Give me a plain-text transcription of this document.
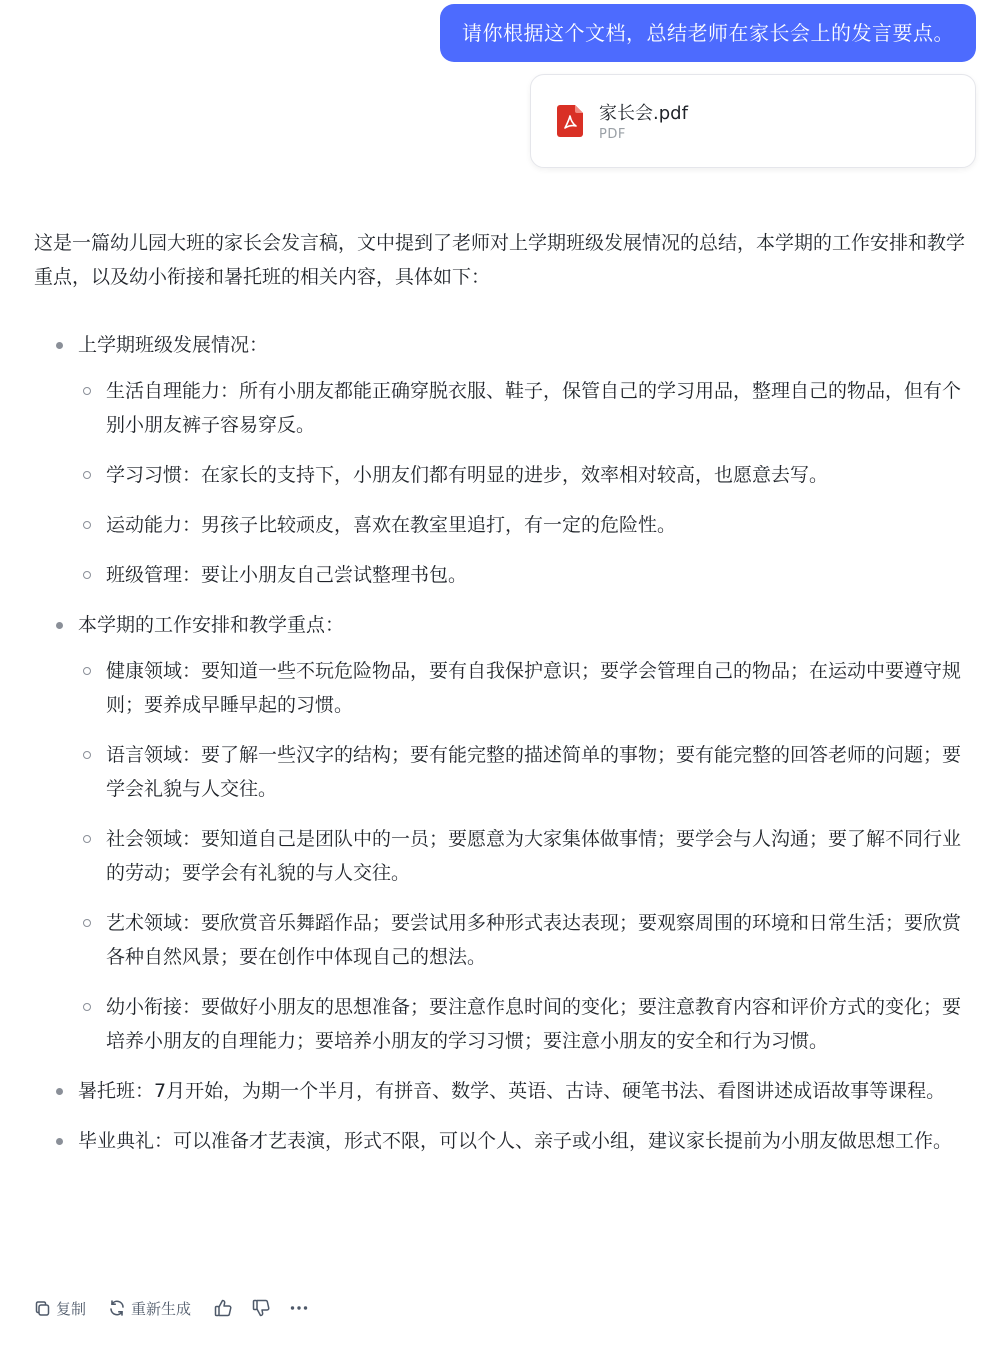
请你根据这个文档，总结老师在家长会上的发言要点。
家长会.pdf
PDF

这是一篇幼儿园大班的家长会发言稿，文中提到了老师对上学期班级发展情况的总结，本学期的工作安排和教学重点，以及幼小衔接和暑托班的相关内容，具体如下：

上学期班级发展情况：
生活自理能力：所有小朋友都能正确穿脱衣服、鞋子，保管自己的学习用品，整理自己的物品，但有个别小朋友裤子容易穿反。
学习习惯：在家长的支持下，小朋友们都有明显的进步，效率相对较高，也愿意去写。
运动能力：男孩子比较顽皮，喜欢在教室里追打，有一定的危险性。
班级管理：要让小朋友自己尝试整理书包。
本学期的工作安排和教学重点：
健康领域：要知道一些不玩危险物品，要有自我保护意识；要学会管理自己的物品；在运动中要遵守规则；要养成早睡早起的习惯。
语言领域：要了解一些汉字的结构；要有能完整的描述简单的事物；要有能完整的回答老师的问题；要学会礼貌与人交往。
社会领域：要知道自己是团队中的一员；要愿意为大家集体做事情；要学会与人沟通；要了解不同行业的劳动；要学会有礼貌的与人交往。
艺术领域：要欣赏音乐舞蹈作品；要尝试用多种形式表达表现；要观察周围的环境和日常生活；要欣赏各种自然风景；要在创作中体现自己的想法。
幼小衔接：要做好小朋友的思想准备；要注意作息时间的变化；要注意教育内容和评价方式的变化；要培养小朋友的自理能力；要培养小朋友的学习习惯；要注意小朋友的安全和行为习惯。
暑托班：7月开始，为期一个半月，有拼音、数学、英语、古诗、硬笔书法、看图讲述成语故事等课程。
毕业典礼：可以准备才艺表演，形式不限，可以个人、亲子或小组，建议家长提前为小朋友做思想工作。
复制	重新生成
